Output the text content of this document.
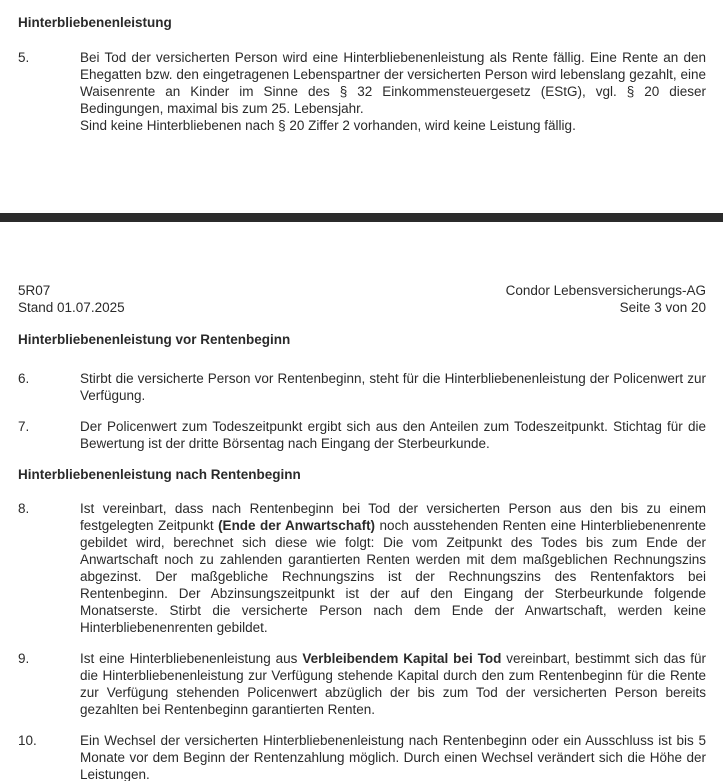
Hinterbliebenenleistung
5.	Bei Tod der versicherten Person wird eine Hinterbliebenenleistung als Rente fällig. Eine Rente an den Ehegatten bzw. den eingetragenen Lebenspartner der versicherten Person wird lebenslang gezahlt, eine Waisenrente an Kinder im Sinne des § 32 Einkommensteuergesetz (EStG), vgl. § 20 dieser Bedingungen, maximal bis zum 25. Lebensjahr.

Sind keine Hinterbliebenen nach § 20 Ziffer 2 vorhanden, wird keine Leistung fällig.

5R07
Stand 01.07.2025
Condor Lebensversicherungs-AG
Seite 3 von 20
Hinterbliebenenleistung vor Rentenbeginn
6.	Stirbt die versicherte Person vor Rentenbeginn, steht für die Hinterbliebenenleistung der Policenwert zur Verfügung.

7.	Der Policenwert zum Todeszeitpunkt ergibt sich aus den Anteilen zum Todeszeitpunkt. Stichtag für die Bewertung ist der dritte Börsentag nach Eingang der Sterbeurkunde.

Hinterbliebenenleistung nach Rentenbeginn
8.	Ist vereinbart, dass nach Rentenbeginn bei Tod der versicherten Person aus den bis zu einem festgelegten Zeitpunkt (Ende der Anwartschaft) noch ausstehenden Renten eine Hinterbliebenenrente gebildet wird, berechnet sich diese wie folgt: Die vom Zeitpunkt des Todes bis zum Ende der Anwartschaft noch zu zahlenden garantierten Renten werden mit dem maßgeblichen Rechnungszins abgezinst. Der maßgebliche Rechnungszins ist der Rechnungszins des Rentenfaktors bei Rentenbeginn. Der Abzinsungszeitpunkt ist der auf den Eingang der Sterbeurkunde folgende Monatserste. Stirbt die versicherte Person nach dem Ende der Anwartschaft, werden keine Hinterbliebenenrenten gebildet.

9.	Ist eine Hinterbliebenenleistung aus Verbleibendem Kapital bei Tod vereinbart, bestimmt sich das für die Hinterbliebenenleistung zur Verfügung stehende Kapital durch den zum Rentenbeginn für die Rente zur Verfügung stehenden Policenwert abzüglich der bis zum Tod der versicherten Person bereits gezahlten bei Rentenbeginn garantierten Renten.

10.	Ein Wechsel der versicherten Hinterbliebenenleistung nach Rentenbeginn oder ein Ausschluss ist bis 5 Monate vor dem Beginn der Rentenzahlung möglich. Durch einen Wechsel verändert sich die Höhe der Leistungen.
